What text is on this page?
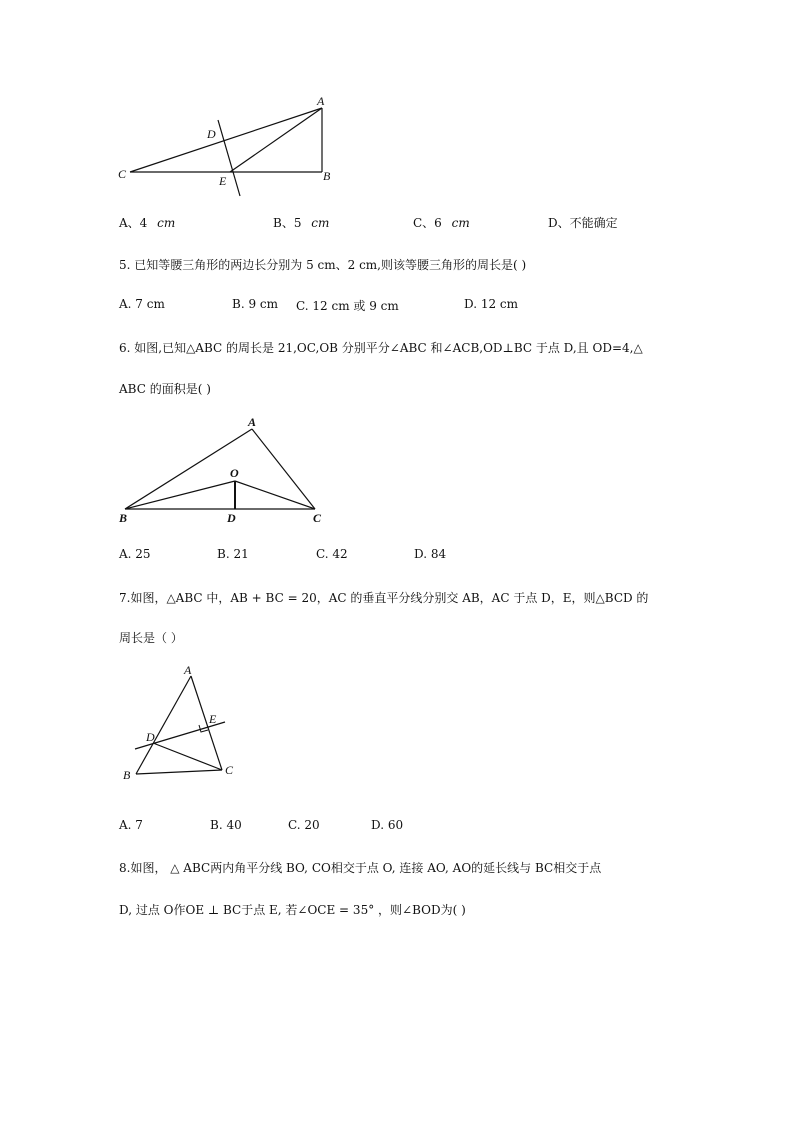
A
D
C	E	B
A、4 cm	B、5 cm	C、6 cm	D、不能确定
5. 已知等腰三角形的两边长分别为 5 cm、2 cm,则该等腰三角形的周长是( )
A. 7 cm	B. 9 cm C. 12 cm 或 9 cm	D. 12 cm
6. 如图,已知△ABC 的周长是 21,OC,OB 分别平分∠ABC 和∠ACB,OD⊥BC 于点 D,且 OD=4,△
ABC 的面积是( )
A
O
B	D	C
A. 25	B. 21	C. 42	D. 84
7.如图，△ABC 中，AB + BC = 20，AC 的垂直平分线分别交 AB，AC 于点 D，E，则△BCD 的
周长是（ ）
A
E
D
B	C
A. 7	B. 40	C. 20	D. 60
8.如图， △ ABC两内角平分线 BO, CO相交于点 O, 连接 AO, AO的延长线与 BC相交于点
D, 过点 O作OE ⊥ BC于点 E, 若∠OCE = 35° ，则∠BOD为( )
